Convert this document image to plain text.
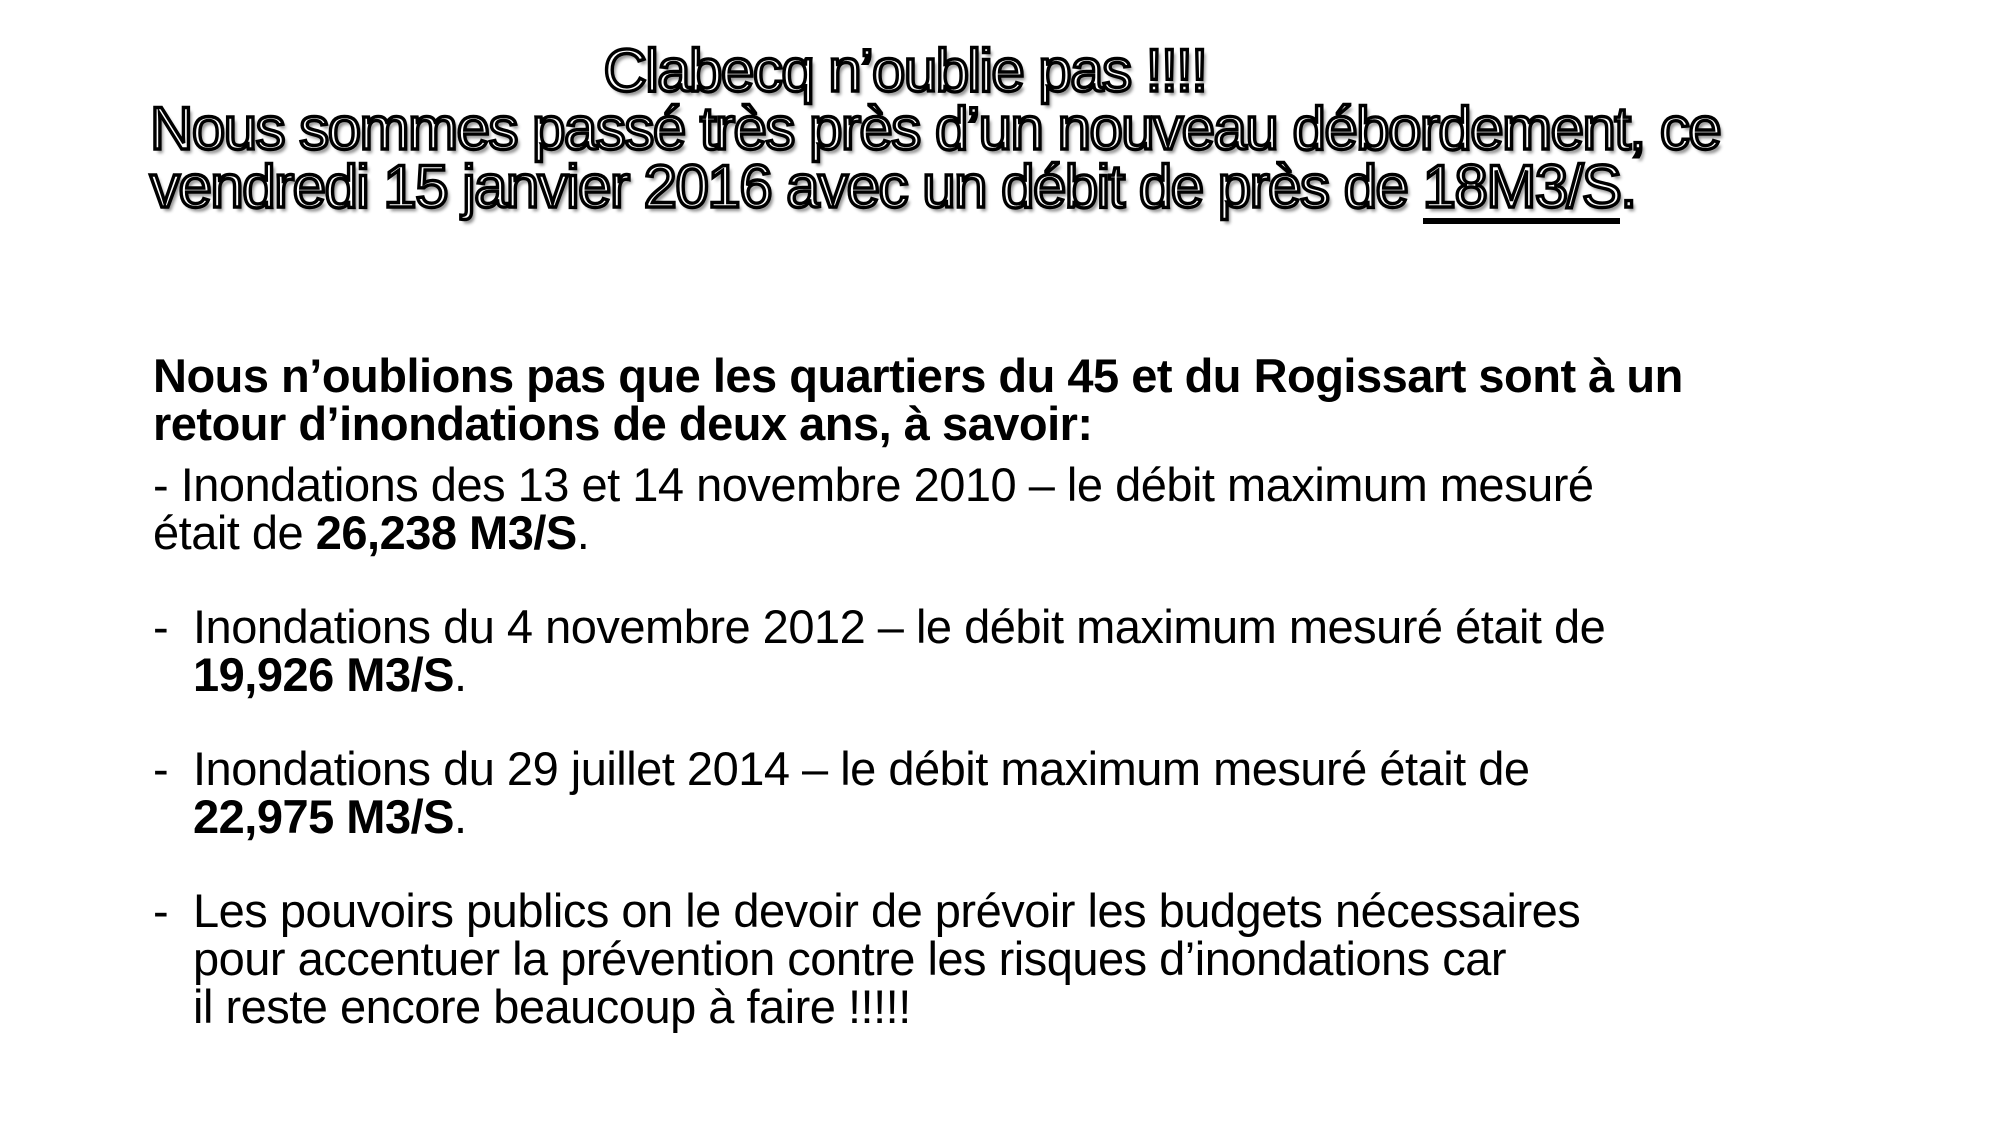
Clabecq n’oublie pas !!!!
Nous sommes passé très près d’un nouveau débordement, ce
vendredi 15 janvier 2016 avec un débit de près de 18M3/S.

Nous n’oublions pas que les quartiers du 45 et du Rogissart sont à un
retour d’inondations de deux ans, à savoir:

- Inondations des 13 et 14 novembre 2010 – le débit maximum mesuré
était de 26,238 M3/S.
- Inondations du 4 novembre 2012 – le débit maximum mesuré était de
19,926 M3/S.
- Inondations du 29 juillet 2014 – le débit maximum mesuré était de
22,975 M3/S.
- Les pouvoirs publics on le devoir de prévoir les budgets nécessaires
pour accentuer la prévention contre les risques d’inondations car
il reste encore beaucoup à faire !!!!!
